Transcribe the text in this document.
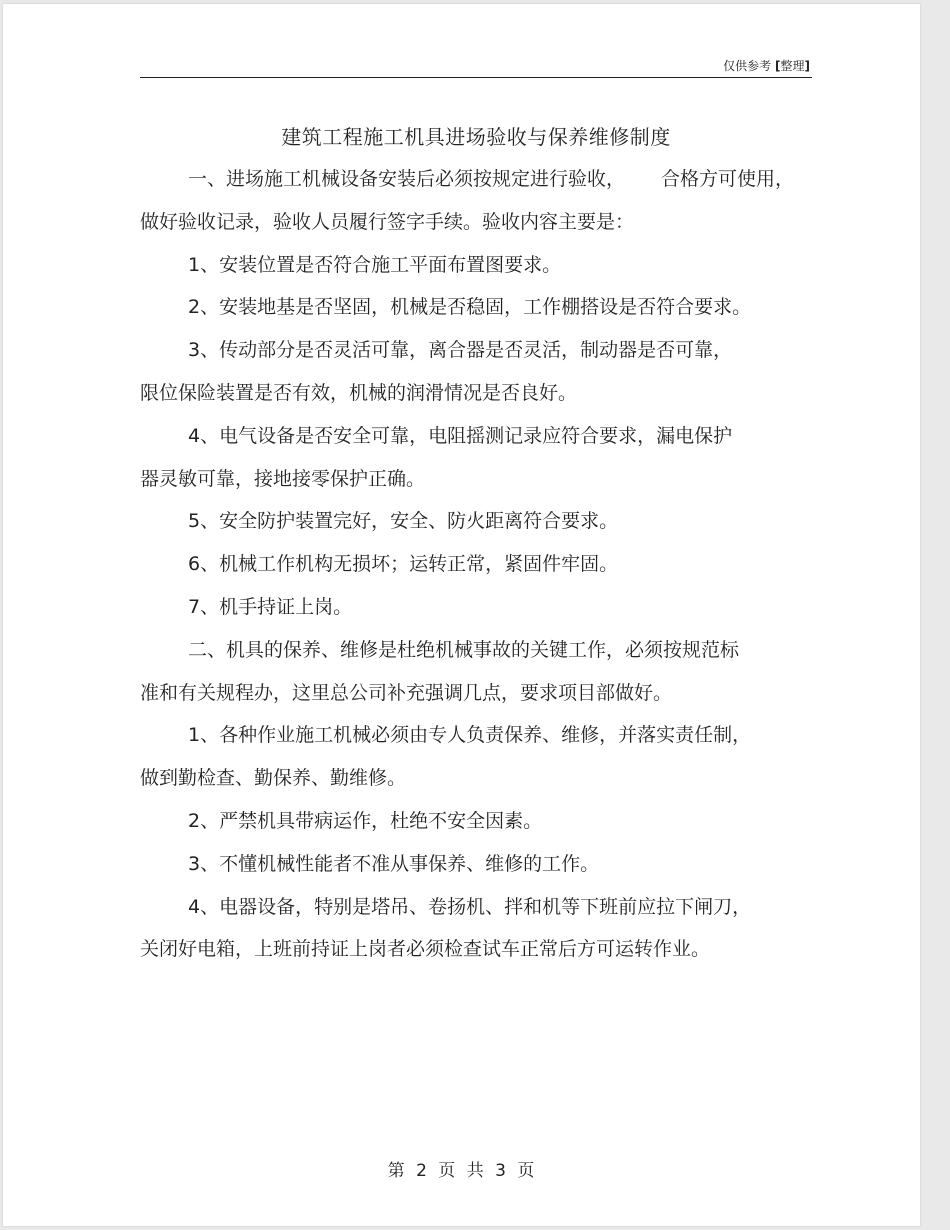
仅供参考 [整理]
建筑工程施工机具进场验收与保养维修制度
一、进场施工机械设备安装后必须按规定进行验收， 合格方可使用，
做好验收记录，验收人员履行签字手续。验收内容主要是：
1、安装位置是否符合施工平面布置图要求。
2、安装地基是否坚固，机械是否稳固，工作棚搭设是否符合要求。
3、传动部分是否灵活可靠，离合器是否灵活，制动器是否可靠，
限位保险装置是否有效，机械的润滑情况是否良好。
4、电气设备是否安全可靠，电阻摇测记录应符合要求，漏电保护
器灵敏可靠，接地接零保护正确。
5、安全防护装置完好，安全、防火距离符合要求。
6、机械工作机构无损坏；运转正常，紧固件牢固。
7、机手持证上岗。
二、机具的保养、维修是杜绝机械事故的关键工作，必须按规范标
准和有关规程办，这里总公司补充强调几点，要求项目部做好。
1、各种作业施工机械必须由专人负责保养、维修，并落实责任制，
做到勤检查、勤保养、勤维修。
2、严禁机具带病运作，杜绝不安全因素。
3、不懂机械性能者不准从事保养、维修的工作。
4、电器设备，特别是塔吊、卷扬机、拌和机等下班前应拉下闸刀，
关闭好电箱，上班前持证上岗者必须检查试车正常后方可运转作业。
第 2 页 共 3 页
